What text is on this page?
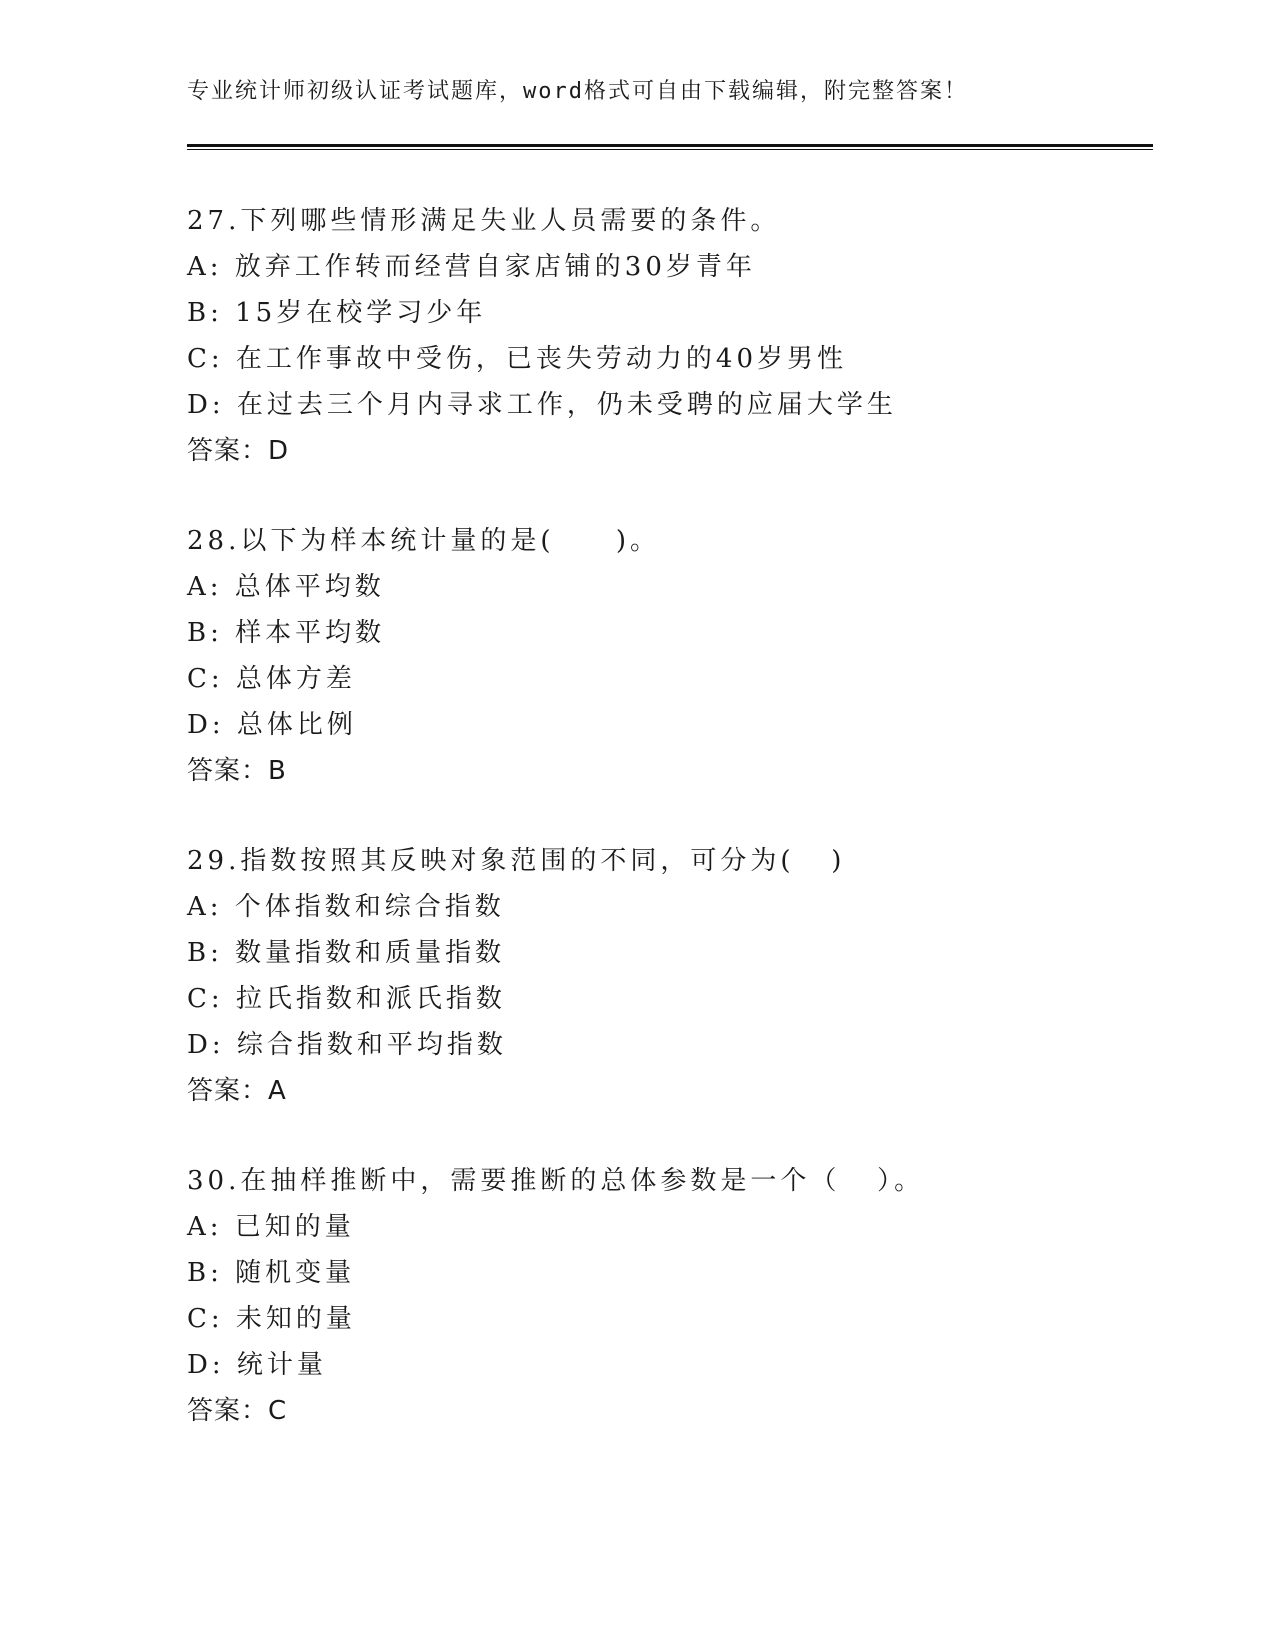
专业统计师初级认证考试题库，word格式可自由下载编辑，附完整答案！
27.下列哪些情形满足失业人员需要的条件。
A: 放弃工作转而经营自家店铺的30岁青年
B: 15岁在校学习少年
C: 在工作事故中受伤，已丧失劳动力的40岁男性
D: 在过去三个月内寻求工作，仍未受聘的应届大学生
答案：D
28.以下为样本统计量的是(     )。
A: 总体平均数
B: 样本平均数
C: 总体方差
D: 总体比例
答案：B
29.指数按照其反映对象范围的不同，可分为(   )
A: 个体指数和综合指数
B: 数量指数和质量指数
C: 拉氏指数和派氏指数
D: 综合指数和平均指数
答案：A
30.在抽样推断中，需要推断的总体参数是一个（   ）。
A: 已知的量
B: 随机变量
C: 未知的量
D: 统计量
答案：C
